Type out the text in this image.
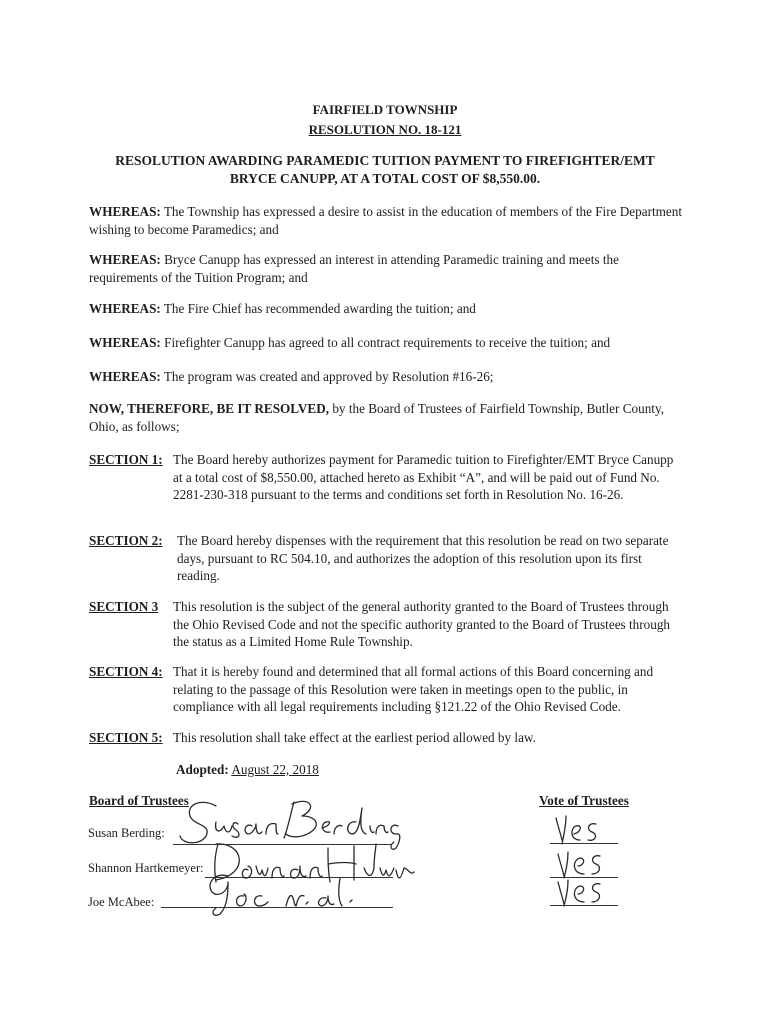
FAIRFIELD TOWNSHIP
RESOLUTION NO. 18-121
RESOLUTION AWARDING PARAMEDIC TUITION PAYMENT TO FIREFIGHTER/EMT
BRYCE CANUPP, AT A TOTAL COST OF $8,550.00.
WHEREAS: The Township has expressed a desire to assist in the education of members of the Fire Department wishing to become Paramedics; and
WHEREAS: Bryce Canupp has expressed an interest in attending Paramedic training and meets the requirements of the Tuition Program; and
WHEREAS: The Fire Chief has recommended awarding the tuition; and
WHEREAS: Firefighter Canupp has agreed to all contract requirements to receive the tuition; and
WHEREAS: The program was created and approved by Resolution #16-26;
NOW, THEREFORE, BE IT RESOLVED, by the Board of Trustees of Fairfield Township, Butler County, Ohio, as follows;
SECTION 1: The Board hereby authorizes payment for Paramedic tuition to Firefighter/EMT Bryce Canupp at a total cost of $8,550.00, attached hereto as Exhibit “A”, and will be paid out of Fund No. 2281-230-318 pursuant to the terms and conditions set forth in Resolution No. 16-26.
SECTION 2: The Board hereby dispenses with the requirement that this resolution be read on two separate days, pursuant to RC 504.10, and authorizes the adoption of this resolution upon its first reading.
SECTION 3 This resolution is the subject of the general authority granted to the Board of Trustees through the Ohio Revised Code and not the specific authority granted to the Board of Trustees through the status as a Limited Home Rule Township.
SECTION 4: That it is hereby found and determined that all formal actions of this Board concerning and relating to the passage of this Resolution were taken in meetings open to the public, in compliance with all legal requirements including §121.22 of the Ohio Revised Code.
SECTION 5: This resolution shall take effect at the earliest period allowed by law.
Adopted: August 22, 2018
Board of Trustees	Vote of Trustees
Susan Berding:
Shannon Hartkemeyer:
Joe McAbee:
